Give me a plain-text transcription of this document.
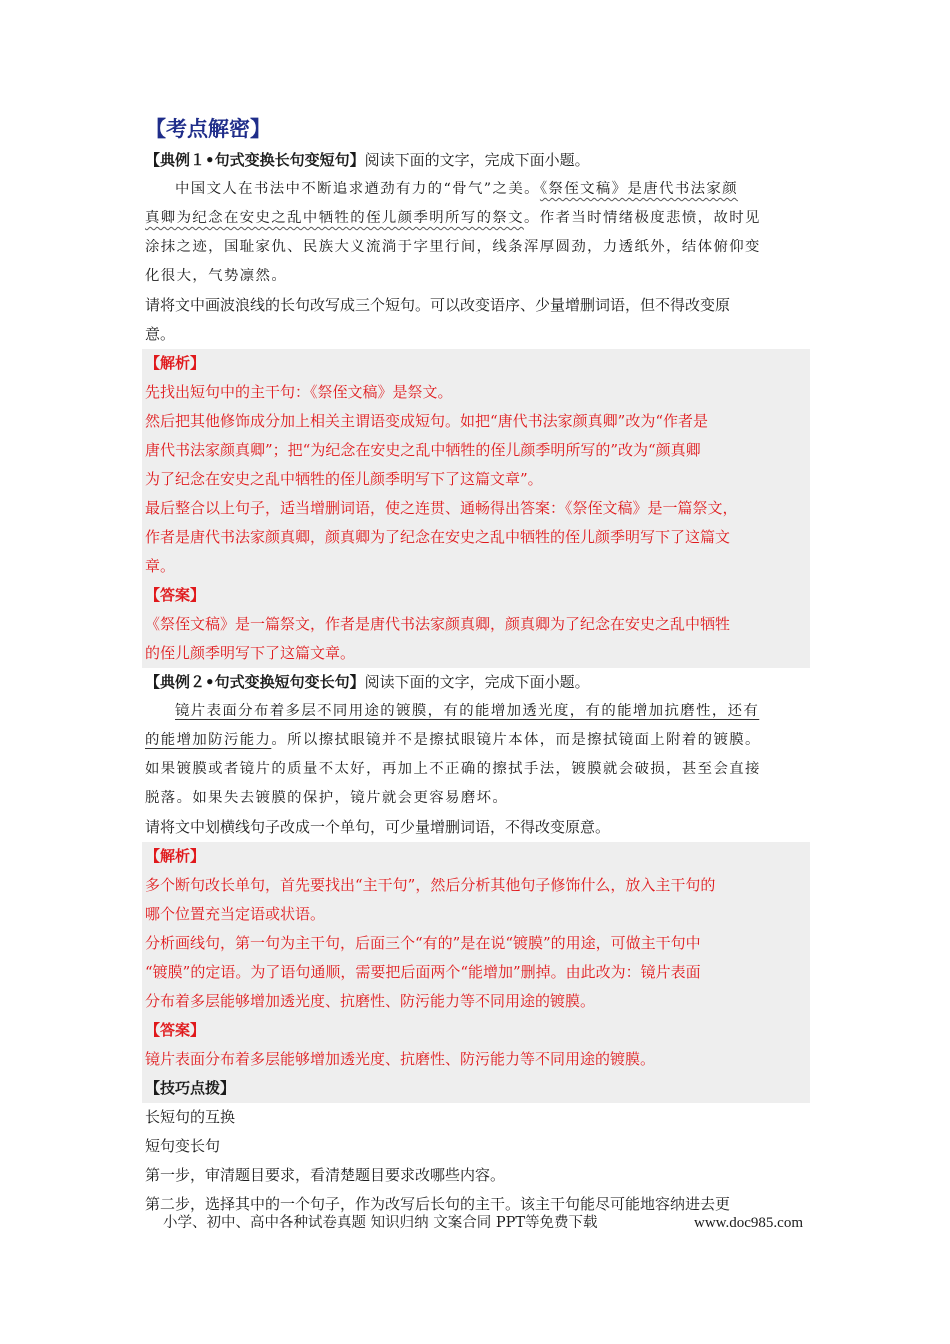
【考点解密】
【典例１•句式变换长句变短句】阅读下面的文字，完成下面小题。
中国文人在书法中不断追求遒劲有力的“骨气”之美。《祭侄文稿》是唐代书法家颜
真卿为纪念在安史之乱中牺牲的侄儿颜季明所写的祭文。作者当时情绪极度悲愤，故时见
涂抹之迹，国耻家仇、民族大义流淌于字里行间，线条浑厚圆劲，力透纸外，结体俯仰变
化很大，气势凛然。
请将文中画波浪线的长句改写成三个短句。可以改变语序、少量增删词语，但不得改变原
意。
【解析】
先找出短句中的主干句：《祭侄文稿》是祭文。
然后把其他修饰成分加上相关主谓语变成短句。如把“唐代书法家颜真卿”改为“作者是
唐代书法家颜真卿”；把“为纪念在安史之乱中牺牲的侄儿颜季明所写的”改为“颜真卿
为了纪念在安史之乱中牺牲的侄儿颜季明写下了这篇文章”。
最后整合以上句子，适当增删词语，使之连贯、通畅得出答案：《祭侄文稿》是一篇祭文，
作者是唐代书法家颜真卿，颜真卿为了纪念在安史之乱中牺牲的侄儿颜季明写下了这篇文
章。
【答案】
《祭侄文稿》是一篇祭文，作者是唐代书法家颜真卿，颜真卿为了纪念在安史之乱中牺牲
的侄儿颜季明写下了这篇文章。
【典例２•句式变换短句变长句】阅读下面的文字，完成下面小题。
镜片表面分布着多层不同用途的镀膜，有的能增加透光度，有的能增加抗磨性，还有
的能增加防污能力。所以擦拭眼镜并不是擦拭眼镜片本体，而是擦拭镜面上附着的镀膜。
如果镀膜或者镜片的质量不太好，再加上不正确的擦拭手法，镀膜就会破损，甚至会直接
脱落。如果失去镀膜的保护，镜片就会更容易磨坏。
请将文中划横线句子改成一个单句，可少量增删词语，不得改变原意。
【解析】
多个断句改长单句，首先要找出“主干句”，然后分析其他句子修饰什么，放入主干句的
哪个位置充当定语或状语。
分析画线句，第一句为主干句，后面三个“有的”是在说“镀膜”的用途，可做主干句中
“镀膜”的定语。为了语句通顺，需要把后面两个“能增加”删掉。由此改为：镜片表面
分布着多层能够增加透光度、抗磨性、防污能力等不同用途的镀膜。
【答案】
镜片表面分布着多层能够增加透光度、抗磨性、防污能力等不同用途的镀膜。
【技巧点拨】
长短句的互换
短句变长句
第一步，审清题目要求，看清楚题目要求改哪些内容。
第二步，选择其中的一个句子，作为改写后长句的主干。该主干句能尽可能地容纳进去更
小学、初中、高中各种试卷真题 知识归纳 文案合同 PPT等免费下载	www.doc985.com
